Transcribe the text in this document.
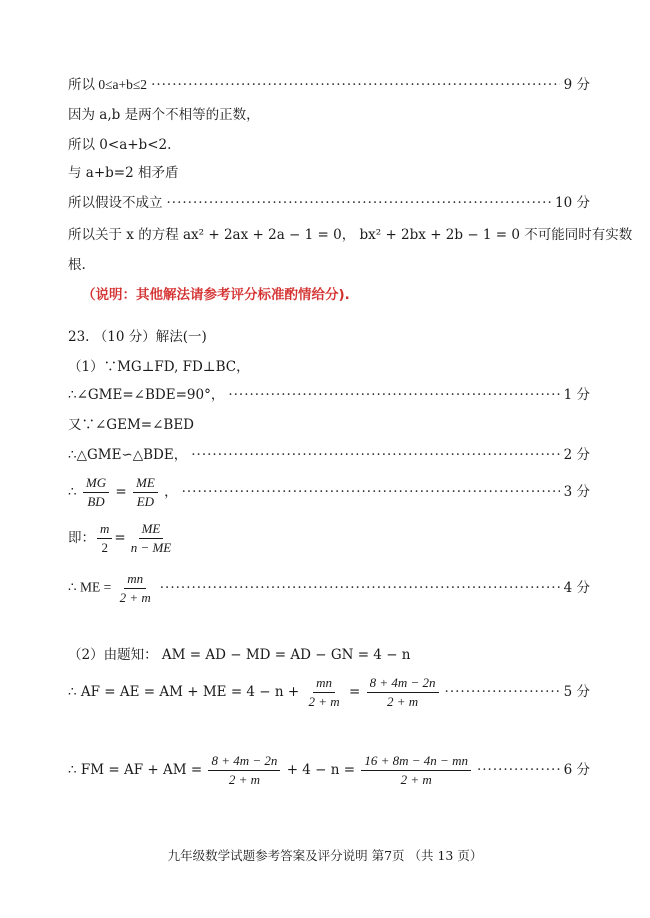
所以 0≤a+b≤2 ·····	9 分
因为 a,b 是两个不相等的正数，
所以 0<a+b<2.
与 a+b=2 相矛盾
所以假设不成立 ·····	10 分
所以关于 x 的方程 ax² + 2ax + 2a − 1 = 0， bx² + 2bx + 2b − 1 = 0 不可能同时有实数
根.
（说明：其他解法请参考评分标准酌情给分).
23. （10 分）解法(一)
（1）∵MG⊥FD, FD⊥BC，
∴∠GME=∠BDE=90°， ·····	1 分
又∵∠GEM=∠BED
∴△GME∽△BDE， ·····	2 分
∴ $\frac{MG}{BD} = \frac{ME}{ED}$ ， ·····	3 分
即： $\frac{m}{2} = \frac{ME}{n - ME}$
∴ ME = $\frac{mn}{2 + m}$ ·····	4 分
（2）由题知： AM = AD − MD = AD − GN = 4 − n
∴ AF = AE = AM + ME = $4 - n + \frac{mn}{2 + m} = \frac{8 + 4m - 2n}{2 + m}$ ·····	5 分
∴ FM = AF + AM = $\frac{8 + 4m - 2n}{2 + m} + 4 - n = \frac{16 + 8m - 4n - mn}{2 + m}$ ·····	6 分
九年级数学试题参考答案及评分说明 第7页 （共 13 页）
